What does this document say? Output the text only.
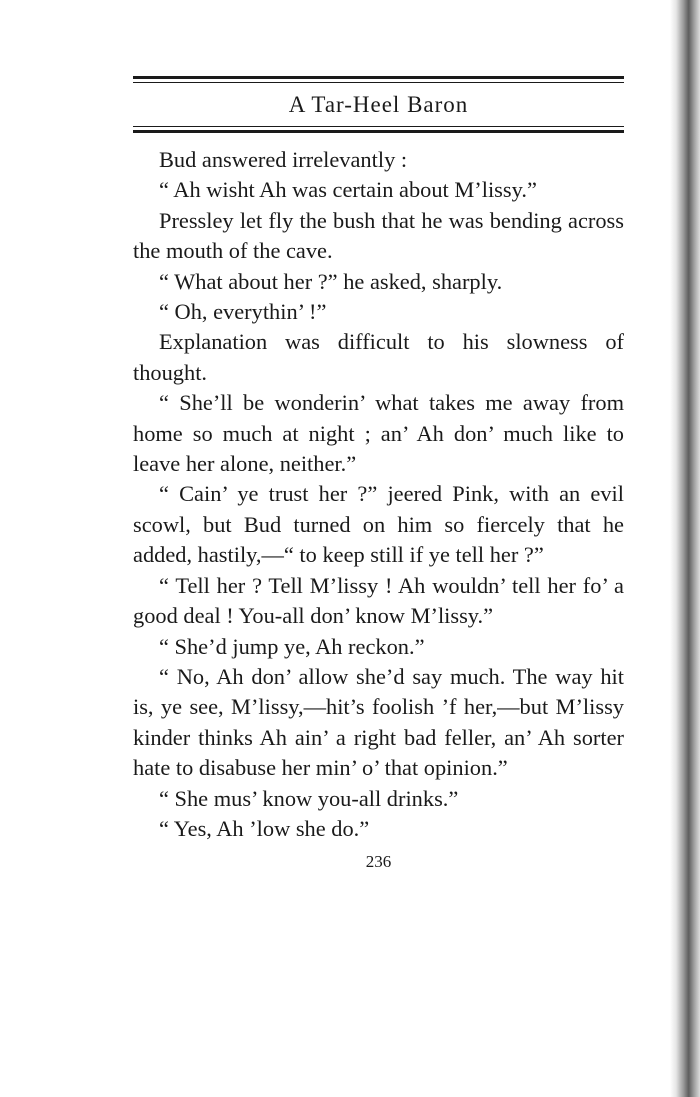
A Tar-Heel Baron

Bud answered irrelevantly :

“ Ah wisht Ah was certain about M’lissy.”

Pressley let fly the bush that he was bending across the mouth of the cave.

“ What about her ?” he asked, sharply.

“ Oh, everythin’ !”

Explanation was difficult to his slowness of thought.

“ She’ll be wonderin’ what takes me away from home so much at night ; an’ Ah don’ much like to leave her alone, neither.”

“ Cain’ ye trust her ?” jeered Pink, with an evil scowl, but Bud turned on him so fiercely that he added, hastily,—“ to keep still if ye tell her ?”

“ Tell her ? Tell M’lissy ! Ah wouldn’ tell her fo’ a good deal ! You-all don’ know M’lissy.”

“ She’d jump ye, Ah reckon.”

“ No, Ah don’ allow she’d say much. The way hit is, ye see, M’lissy,—hit’s foolish ’f her,—but M’lissy kinder thinks Ah ain’ a right bad feller, an’ Ah sorter hate to disabuse her min’ o’ that opinion.”

“ She mus’ know you-all drinks.”

“ Yes, Ah ’low she do.”

236
